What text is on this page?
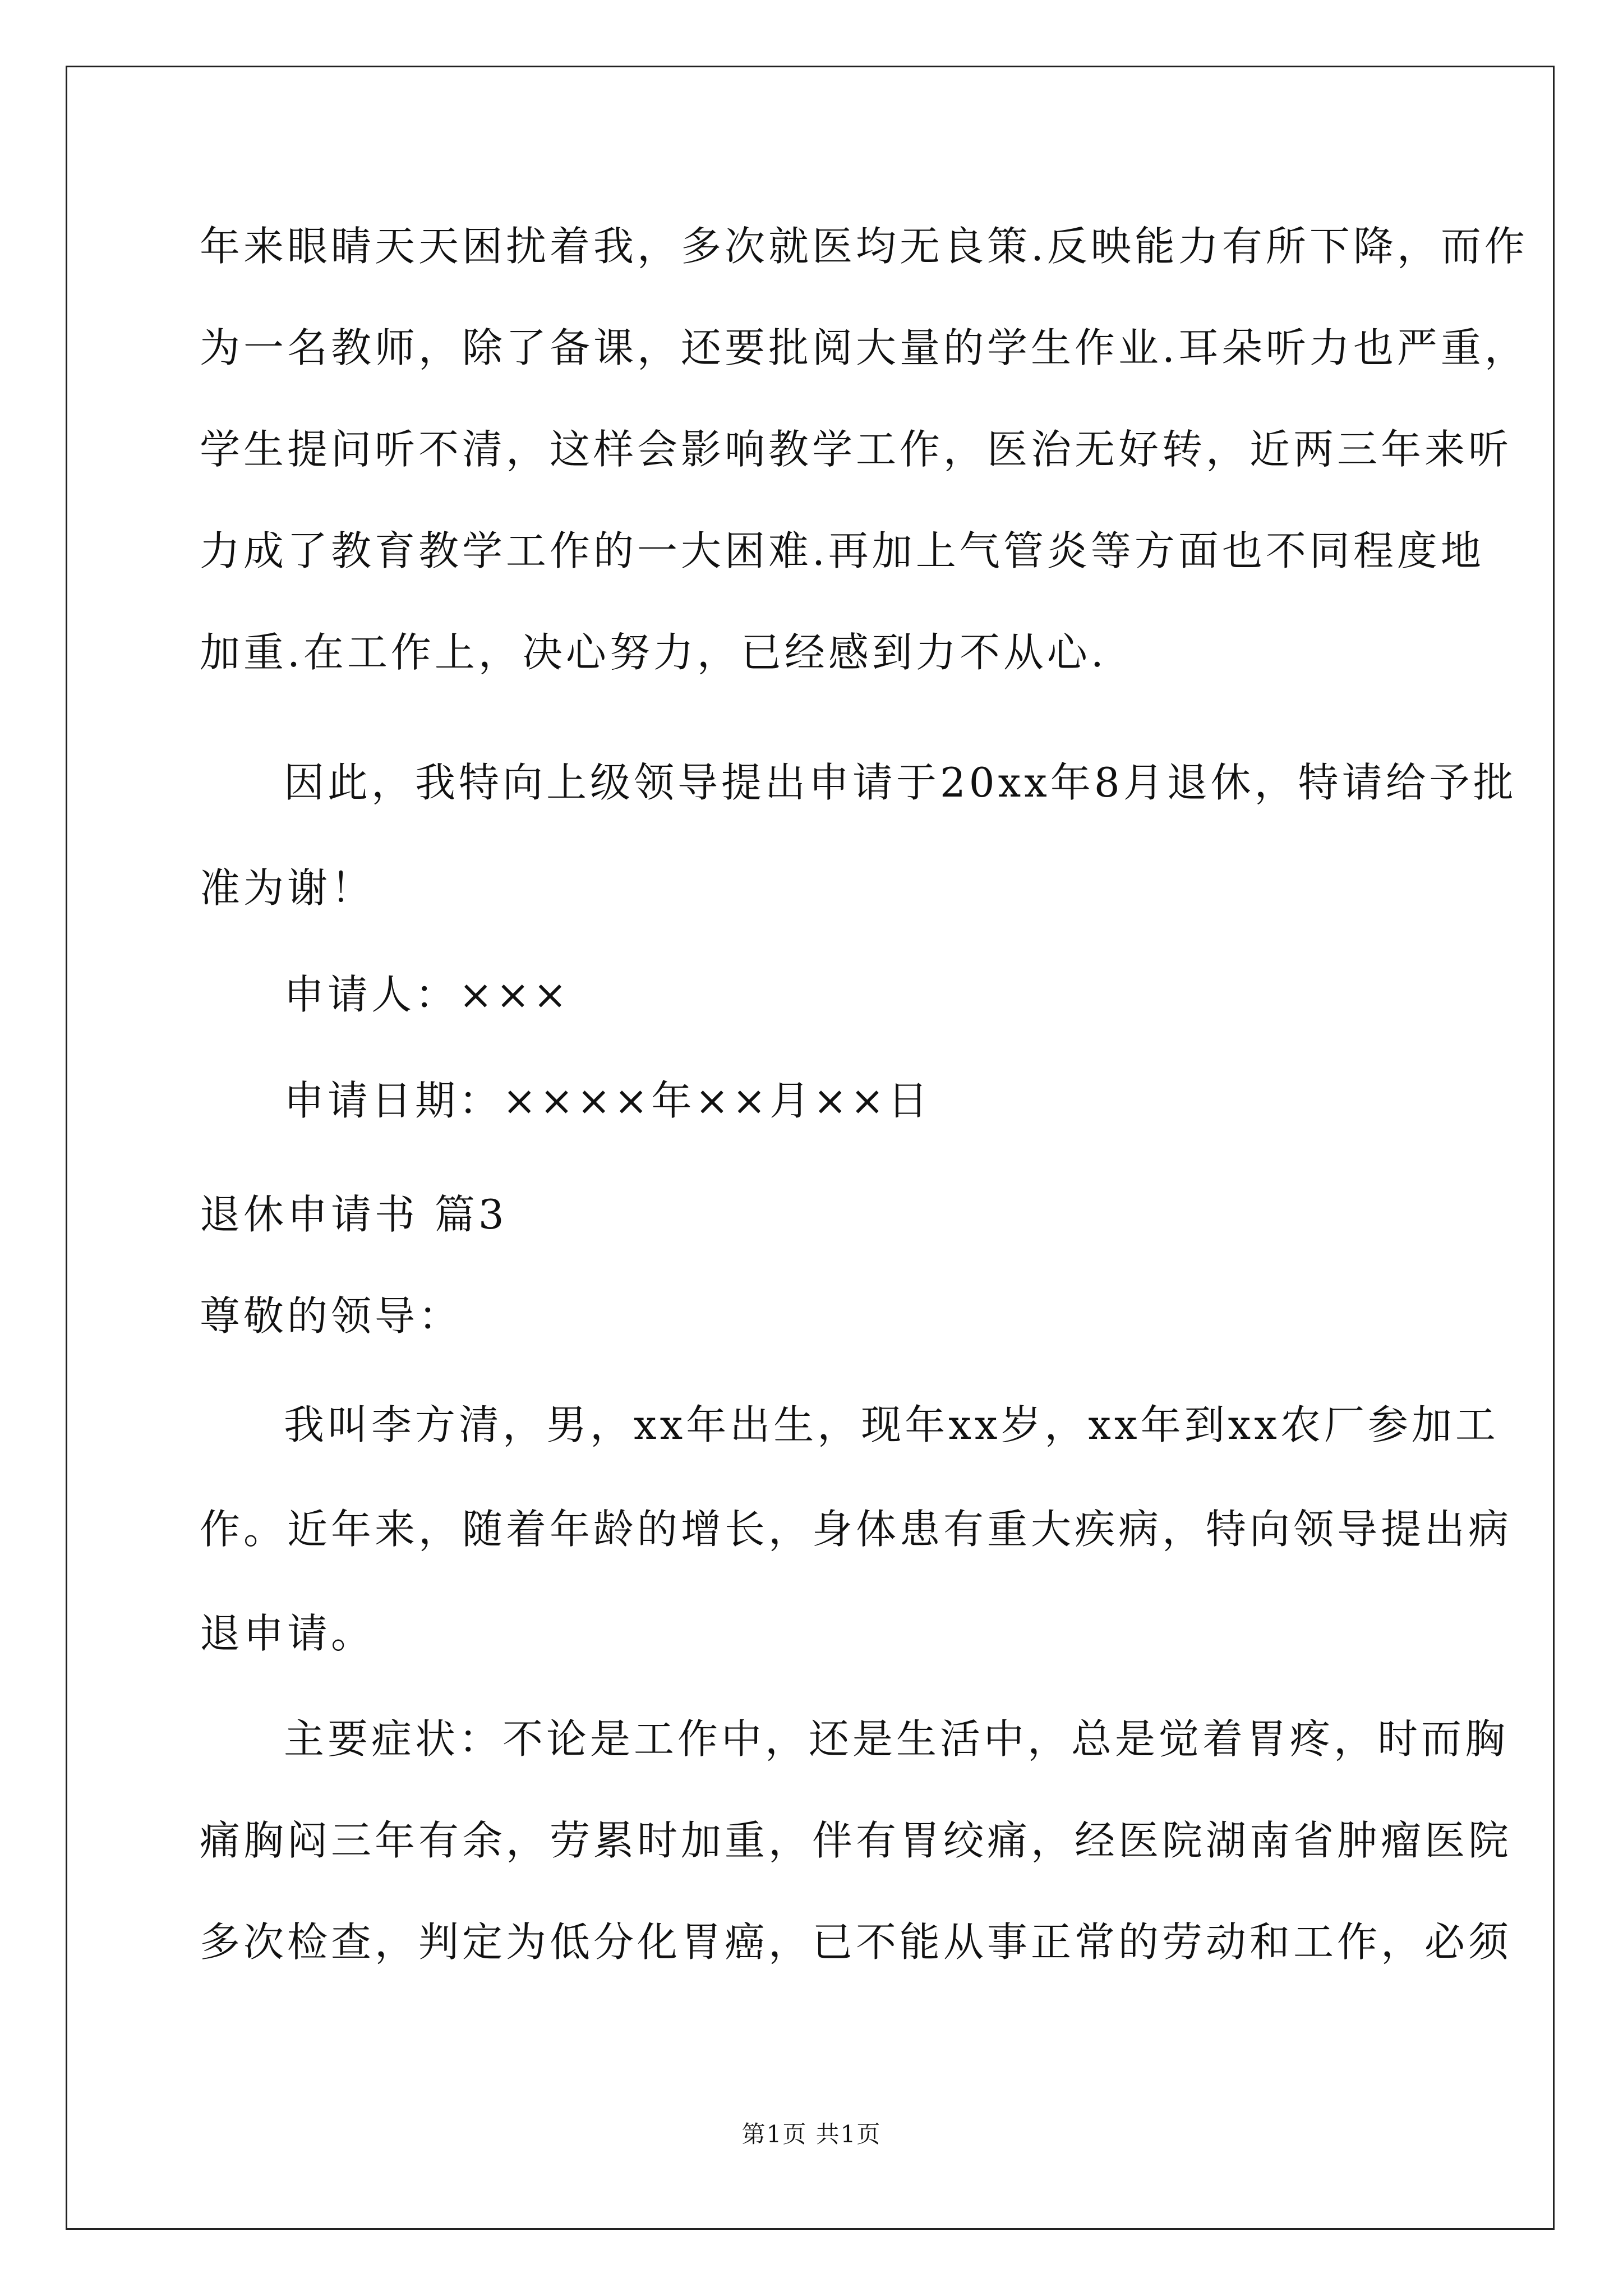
年来眼睛天天困扰着我，多次就医均无良策.反映能力有所下降，而作
为一名教师，除了备课，还要批阅大量的学生作业.耳朵听力也严重，
学生提问听不清，这样会影响教学工作，医治无好转，近两三年来听
力成了教育教学工作的一大困难.再加上气管炎等方面也不同程度地
加重.在工作上，决心努力，已经感到力不从心.
因此，我特向上级领导提出申请于20xx年8月退休，特请给予批
准为谢！
申请人：×××
申请日期：××××年××月××日
退休申请书 篇3
尊敬的领导：
我叫李方清，男，xx年出生，现年xx岁，xx年到xx农厂参加工
作。近年来，随着年龄的增长，身体患有重大疾病，特向领导提出病
退申请。
主要症状：不论是工作中，还是生活中，总是觉着胃疼，时而胸
痛胸闷三年有余，劳累时加重，伴有胃绞痛，经医院湖南省肿瘤医院
多次检查，判定为低分化胃癌，已不能从事正常的劳动和工作，必须
第1页 共1页
